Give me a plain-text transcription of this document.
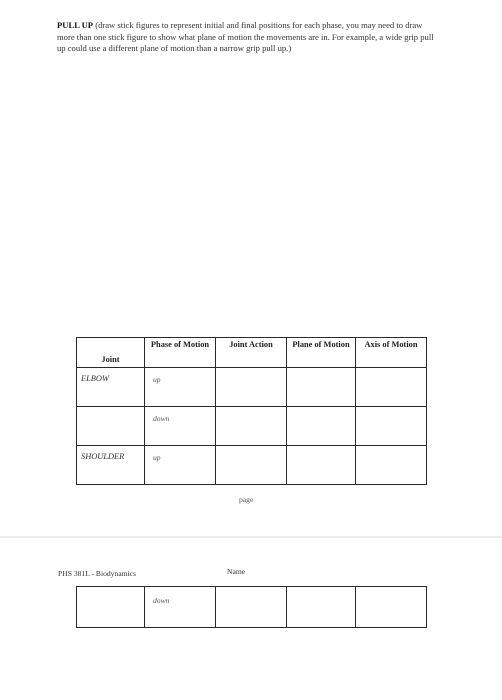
PULL UP (draw stick figures to represent initial and final positions for each phase, you may need to draw more than one stick figure to show what plane of motion the movements are in. For example, a wide grip pull up could use a different plane of motion than a narrow grip pull up.)
Joint	Phase of Motion	Joint Action	Plane of Motion	Axis of Motion
ELBOW	up			
	down			
SHOULDER	up			
page
PHS 381L - Biodynamics	Name
	down			
